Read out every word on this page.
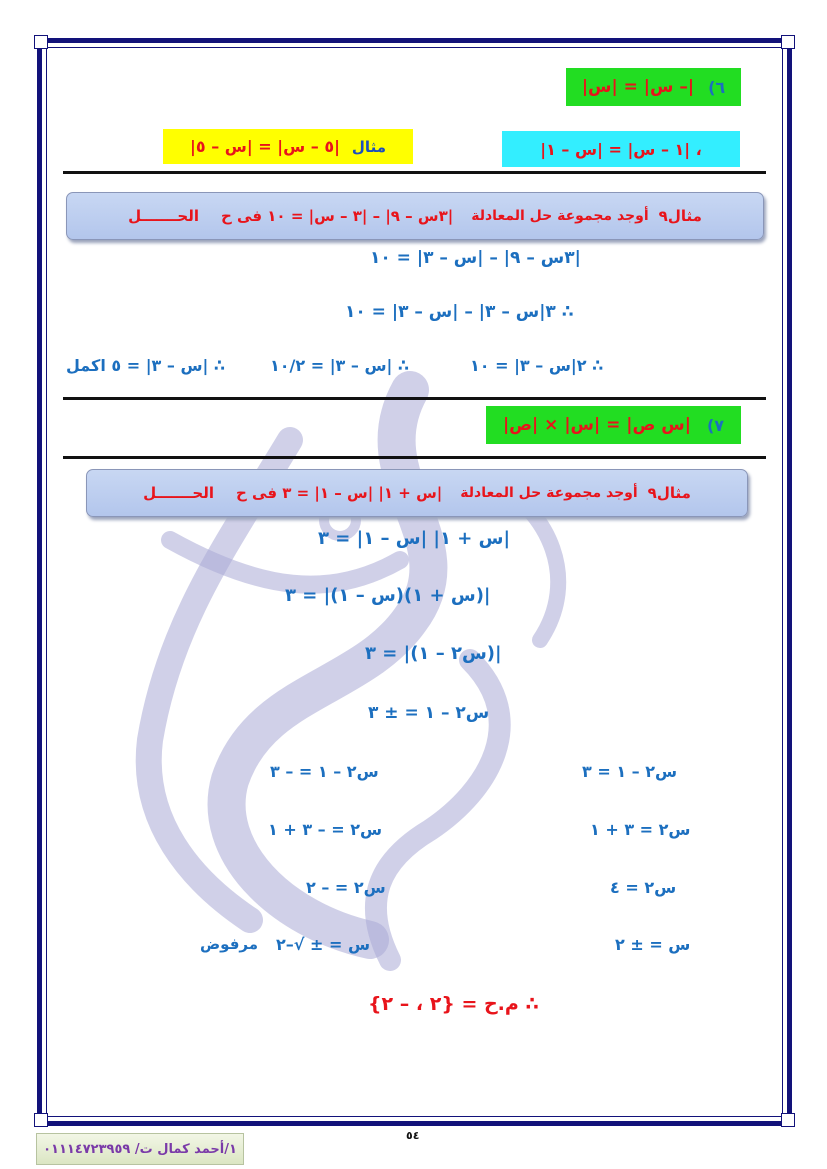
٦)
|– س| = |س|
مثال
|٥ – س| = |س – ٥|	، |١ – س| = |س – ١|
مثال٩
أوجد مجموعة حل المعادلة
|٣س – ٩| – |٣ – س| = ١٠ فى ح
الحـــــــل
|٣س – ٩| – |س – ٣| = ١٠
∴ ٣|س – ٣| – |س – ٣| = ١٠
∴ ٢|س – ٣| = ١٠
∴ |س – ٣| = ١٠/٢
∴ |س – ٣| = ٥ اكمل
٧)
|س ص| = |س| × |ص|
مثال٩
أوجد مجموعة حل المعادلة
|س + ١| |س – ١| = ٣ فى ح
الحـــــــل
|س + ١| |س – ١| = ٣
|(س + ١)(س – ١)| = ٣
|(س٢ – ١)| = ٣
س٢ – ١ = ± ٣
س٢ – ١ = ٣
س٢ = ٣ + ١
س٢ = ٤
س = ± ٢
س٢ – ١ = – ٣
س٢ = – ٣ + ١
س٢ = – ٢
س = ± √–٢
مرفوض
∴ م.ح = {٢ ، – ٢}
٥٤
١/أحمد كمال ت/ ٠١١١٤٧٢٣٩٥٩
